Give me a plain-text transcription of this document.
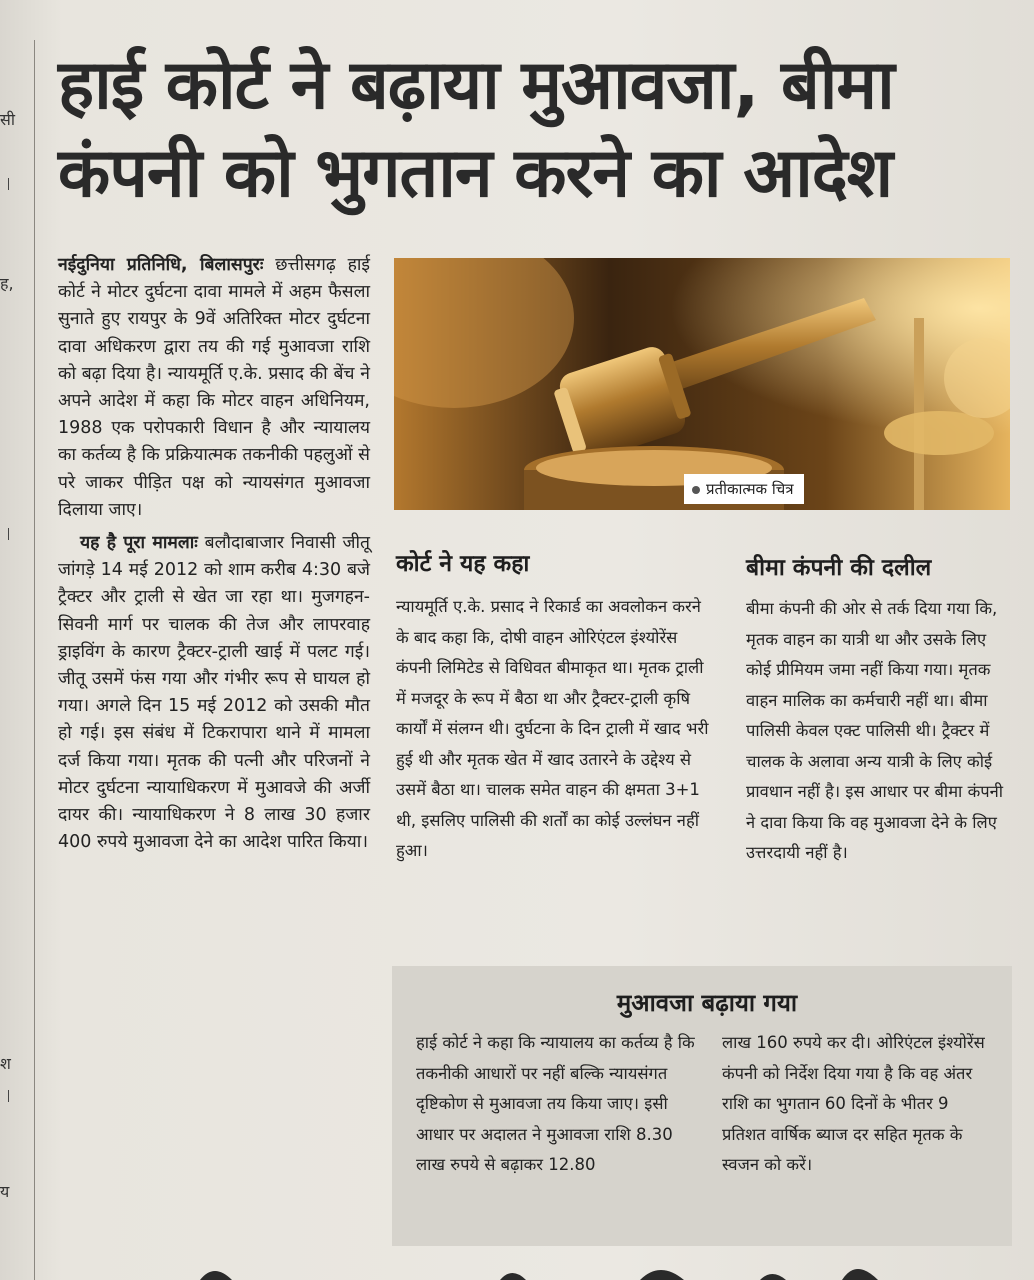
सी
ह,
श
य
हाई कोर्ट ने बढ़ाया मुआवजा, बीमा कंपनी को भुगतान करने का आदेश

नईदुनिया प्रतिनिधि, बिलासपुरः छत्तीसगढ़ हाई कोर्ट ने मोटर दुर्घटना दावा मामले में अहम फैसला सुनाते हुए रायपुर के 9वें अतिरिक्त मोटर दुर्घटना दावा अधिकरण द्वारा तय की गई मुआवजा राशि को बढ़ा दिया है। न्यायमूर्ति ए.के. प्रसाद की बेंच ने अपने आदेश में कहा कि मोटर वाहन अधिनियम, 1988 एक परोपकारी विधान है और न्यायालय का कर्तव्य है कि प्रक्रियात्मक तकनीकी पहलुओं से परे जाकर पीड़ित पक्ष को न्यायसंगत मुआवजा दिलाया जाए।

यह है पूरा मामलाः बलौदाबाजार निवासी जीतू जांगड़े 14 मई 2012 को शाम करीब 4:30 बजे ट्रैक्टर और ट्राली से खेत जा रहा था। मुजगहन-सिवनी मार्ग पर चालक की तेज और लापरवाह ड्राइविंग के कारण ट्रैक्टर-ट्राली खाई में पलट गई। जीतू उसमें फंस गया और गंभीर रूप से घायल हो गया। अगले दिन 15 मई 2012 को उसकी मौत हो गई। इस संबंध में टिकरापारा थाने में मामला दर्ज किया गया। मृतक की पत्नी और परिजनों ने मोटर दुर्घटना न्यायाधिकरण में मुआवजे की अर्जी दायर की। न्यायाधिकरण ने 8 लाख 30 हजार 400 रुपये मुआवजा देने का आदेश पारित किया।

प्रतीकात्मक चित्र
कोर्ट ने यह कहा

न्यायमूर्ति ए.के. प्रसाद ने रिकार्ड का अवलोकन करने के बाद कहा कि, दोषी वाहन ओरिएंटल इंश्योरेंस कंपनी लिमिटेड से विधिवत बीमाकृत था। मृतक ट्राली में मजदूर के रूप में बैठा था और ट्रैक्टर-ट्राली कृषि कार्यों में संलग्न थी। दुर्घटना के दिन ट्राली में खाद भरी हुई थी और मृतक खेत में खाद उतारने के उद्देश्य से उसमें बैठा था। चालक समेत वाहन की क्षमता 3+1 थी, इसलिए पालिसी की शर्तों का कोई उल्लंघन नहीं हुआ।

बीमा कंपनी की दलील

बीमा कंपनी की ओर से तर्क दिया गया कि, मृतक वाहन का यात्री था और उसके लिए कोई प्रीमियम जमा नहीं किया गया। मृतक वाहन मालिक का कर्मचारी नहीं था। बीमा पालिसी केवल एक्ट पालिसी थी। ट्रैक्टर में चालक के अलावा अन्य यात्री के लिए कोई प्रावधान नहीं है। इस आधार पर बीमा कंपनी ने दावा किया कि वह मुआवजा देने के लिए उत्तरदायी नहीं है।

मुआवजा बढ़ाया गया

हाई कोर्ट ने कहा कि न्यायालय का कर्तव्य है कि तकनीकी आधारों पर नहीं बल्कि न्यायसंगत दृष्टिकोण से मुआवजा तय किया जाए। इसी आधार पर अदालत ने मुआवजा राशि 8.30 लाख रुपये से बढ़ाकर 12.80

लाख 160 रुपये कर दी। ओरिएंटल इंश्योरेंस कंपनी को निर्देश दिया गया है कि वह अंतर राशि का भुगतान 60 दिनों के भीतर 9 प्रतिशत वार्षिक ब्याज दर सहित मृतक के स्वजन को करें।
